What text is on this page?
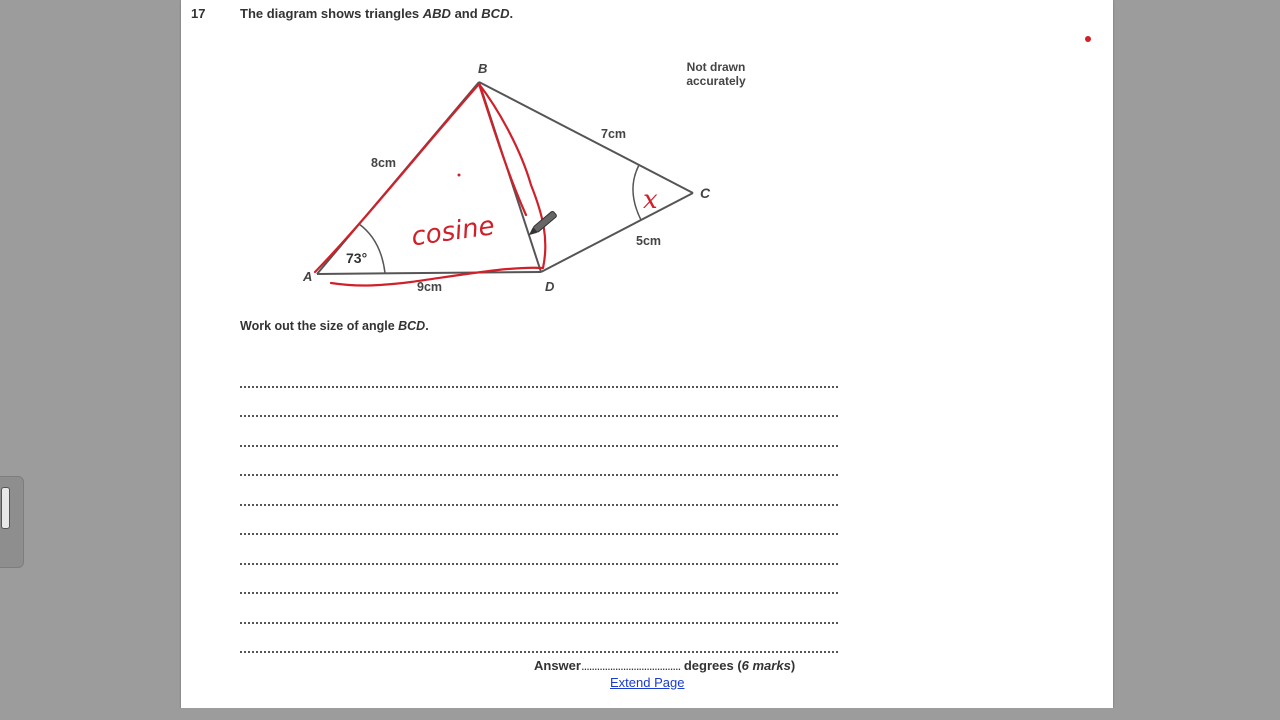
17	The diagram shows triangles ABD and BCD.
Not drawn
accurately
A
B
C
D
8cm
7cm
5cm
9cm
73°
cosine
x
Work out the size of angle BCD.
Answer...................................... degrees (6 marks)
Extend Page
